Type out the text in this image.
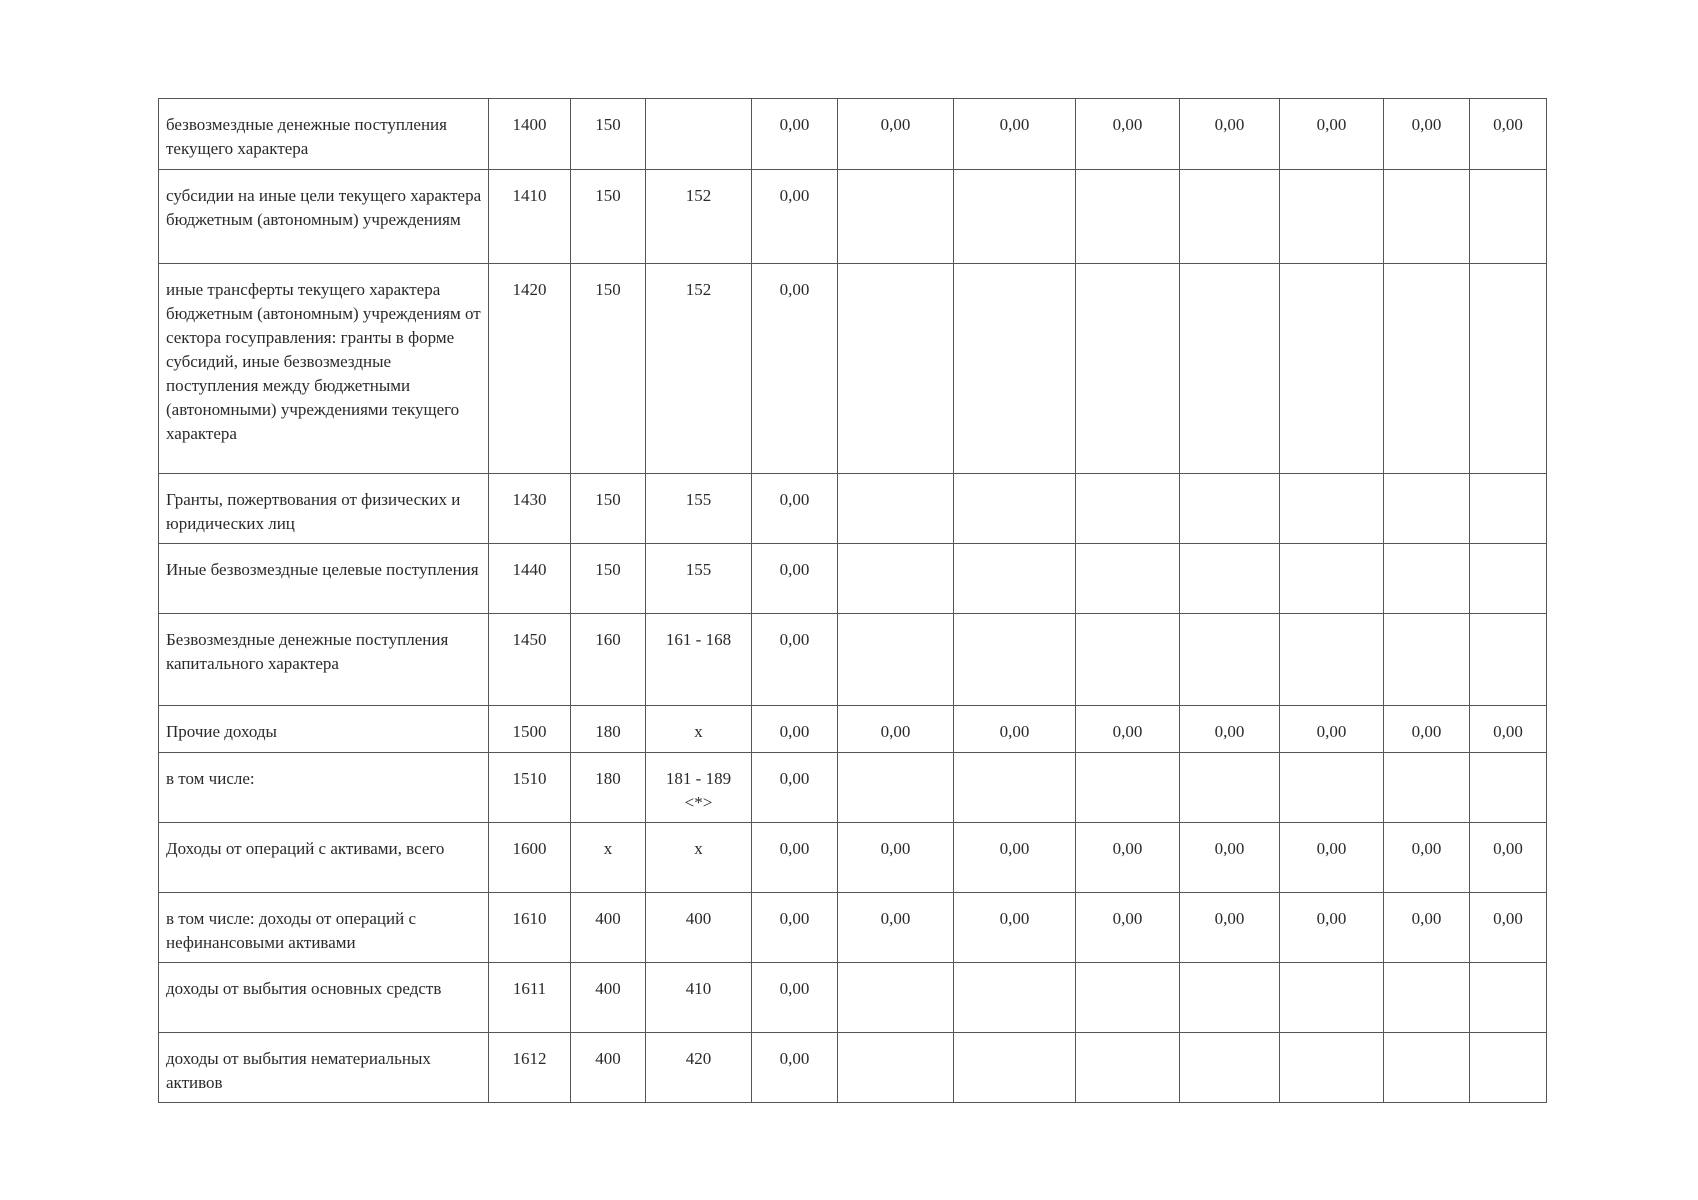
безвозмездные денежные поступления текущего характера	1400	150		0,00	0,00	0,00	0,00	0,00	0,00	0,00	0,00
субсидии на иные цели текущего характера бюджетным (автономным) учреждениям	1410	150	152	0,00							
иные трансферты текущего характера бюджетным (автономным) учреждениям от сектора госуправления: гранты в форме субсидий, иные безвозмездные поступления между бюджетными (автономными) учреждениями текущего характера	1420	150	152	0,00							
Гранты, пожертвования от физических и юридических лиц	1430	150	155	0,00							
Иные безвозмездные целевые поступления	1440	150	155	0,00							
Безвозмездные денежные поступления капитального характера	1450	160	161 - 168	0,00							
Прочие доходы	1500	180	х	0,00	0,00	0,00	0,00	0,00	0,00	0,00	0,00
в том числе:	1510	180	181 - 189 <*>	0,00							
Доходы от операций с активами, всего	1600	х	х	0,00	0,00	0,00	0,00	0,00	0,00	0,00	0,00
в том числе: доходы от операций с нефинансовыми активами	1610	400	400	0,00	0,00	0,00	0,00	0,00	0,00	0,00	0,00
доходы от выбытия основных средств	1611	400	410	0,00							
доходы от выбытия нематериальных активов	1612	400	420	0,00							
